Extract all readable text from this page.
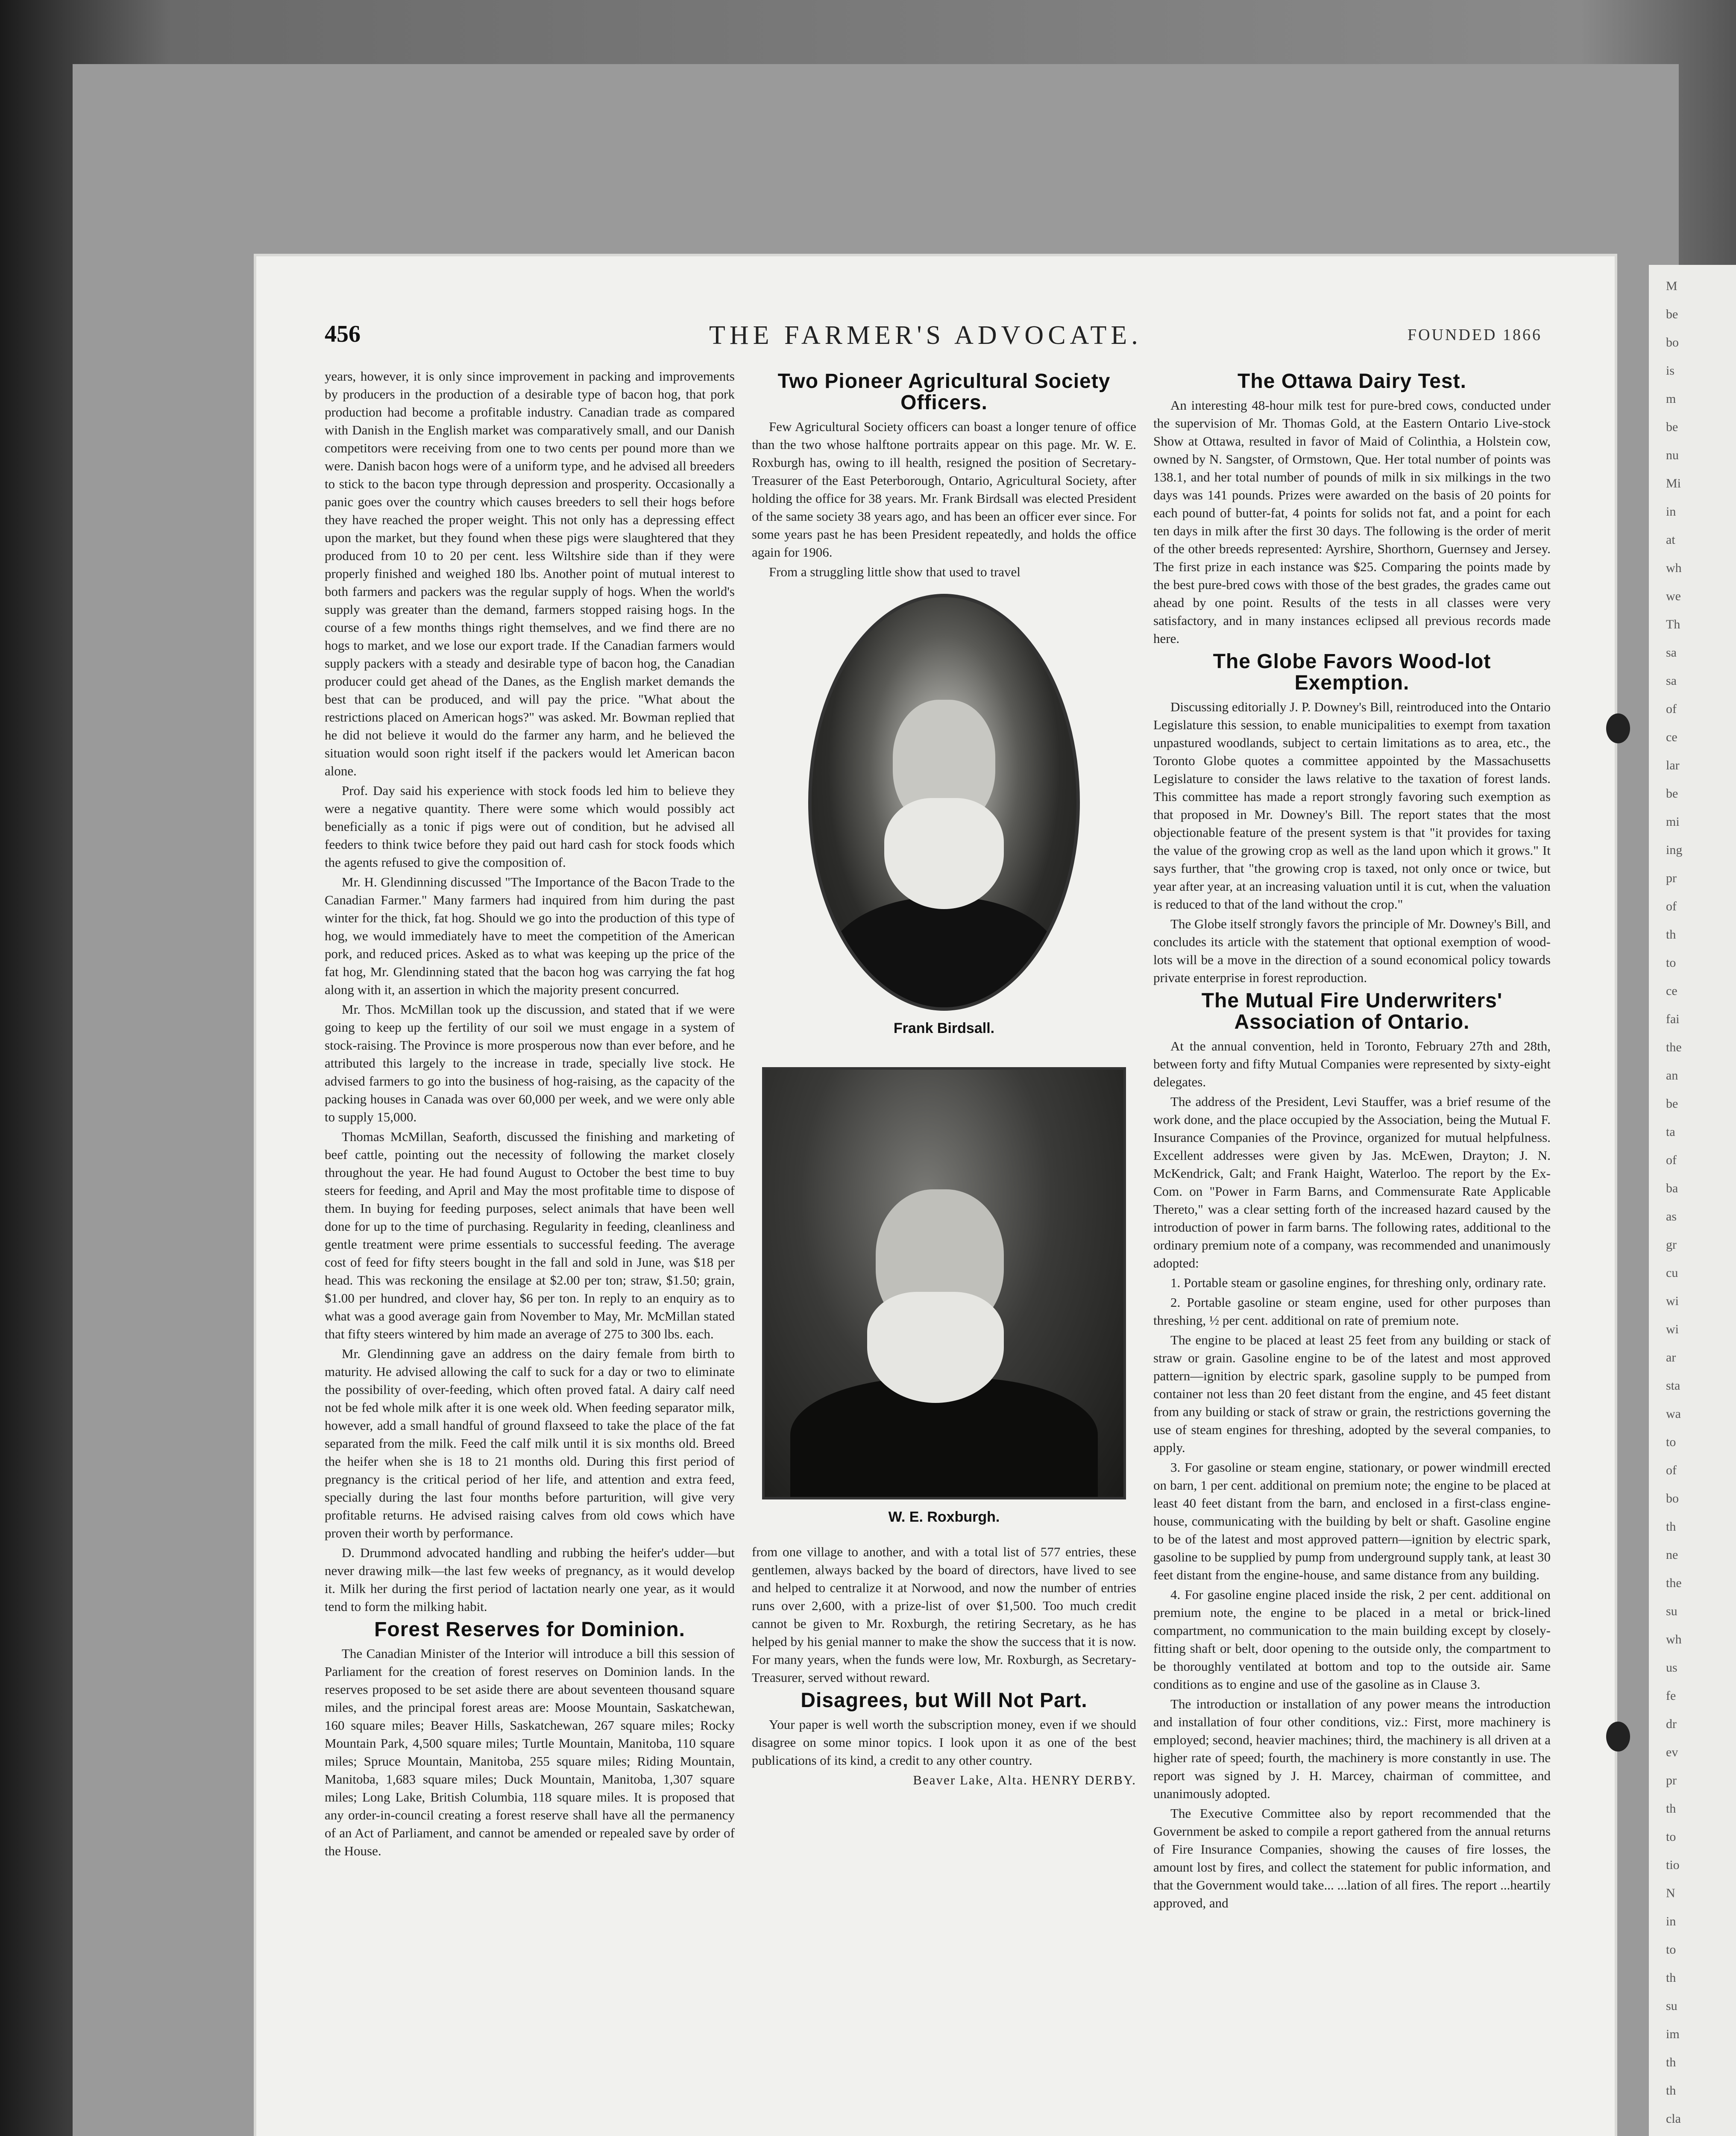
M

be

bo

is

m

be

nu

Mi

in

at

wh

we

Th

sa

sa

of

ce

lar

be

mi

ing

pr

of

th

to

ce

fai

the

an

be

ta

of

ba

as

gr

cu

wi

wi

ar

sta

wa

to

of

bo

th

ne

the

su

wh

us

fe

dr

ev

pr

th

to

tio

N

in

to

th

su

im

th

th

cla

456	THE FARMER'S ADVOCATE.	FOUNDED 1866

years, however, it is only since improvement in packing and improvements by producers in the production of a desirable type of bacon hog, that pork production had become a profitable industry. Canadian trade as compared with Danish in the English market was comparatively small, and our Danish competitors were receiving from one to two cents per pound more than we were. Danish bacon hogs were of a uniform type, and he advised all breeders to stick to the bacon type through depression and prosperity. Occasionally a panic goes over the country which causes breeders to sell their hogs before they have reached the proper weight. This not only has a depressing effect upon the market, but they found when these pigs were slaughtered that they produced from 10 to 20 per cent. less Wiltshire side than if they were properly finished and weighed 180 lbs. Another point of mutual interest to both farmers and packers was the regular supply of hogs. When the world's supply was greater than the demand, farmers stopped raising hogs. In the course of a few months things right themselves, and we find there are no hogs to market, and we lose our export trade. If the Canadian farmers would supply packers with a steady and desirable type of bacon hog, the Canadian producer could get ahead of the Danes, as the English market demands the best that can be produced, and will pay the price. "What about the restrictions placed on American hogs?" was asked. Mr. Bowman replied that he did not believe it would do the farmer any harm, and he believed the situation would soon right itself if the packers would let American bacon alone.

Prof. Day said his experience with stock foods led him to believe they were a negative quantity. There were some which would possibly act beneficially as a tonic if pigs were out of condition, but he advised all feeders to think twice before they paid out hard cash for stock foods which the agents refused to give the composition of.

Mr. H. Glendinning discussed "The Importance of the Bacon Trade to the Canadian Farmer." Many farmers had inquired from him during the past winter for the thick, fat hog. Should we go into the production of this type of hog, we would immediately have to meet the competition of the American pork, and reduced prices. Asked as to what was keeping up the price of the fat hog, Mr. Glendinning stated that the bacon hog was carrying the fat hog along with it, an assertion in which the majority present concurred.

Mr. Thos. McMillan took up the discussion, and stated that if we were going to keep up the fertility of our soil we must engage in a system of stock-raising. The Province is more prosperous now than ever before, and he attributed this largely to the increase in trade, specially live stock. He advised farmers to go into the business of hog-raising, as the capacity of the packing houses in Canada was over 60,000 per week, and we were only able to supply 15,000.

Thomas McMillan, Seaforth, discussed the finishing and marketing of beef cattle, pointing out the necessity of following the market closely throughout the year. He had found August to October the best time to buy steers for feeding, and April and May the most profitable time to dispose of them. In buying for feeding purposes, select animals that have been well done for up to the time of purchasing. Regularity in feeding, cleanliness and gentle treatment were prime essentials to successful feeding. The average cost of feed for fifty steers bought in the fall and sold in June, was $18 per head. This was reckoning the ensilage at $2.00 per ton; straw, $1.50; grain, $1.00 per hundred, and clover hay, $6 per ton. In reply to an enquiry as to what was a good average gain from November to May, Mr. McMillan stated that fifty steers wintered by him made an average of 275 to 300 lbs. each.

Mr. Glendinning gave an address on the dairy female from birth to maturity. He advised allowing the calf to suck for a day or two to eliminate the possibility of over-feeding, which often proved fatal. A dairy calf need not be fed whole milk after it is one week old. When feeding separator milk, however, add a small handful of ground flaxseed to take the place of the fat separated from the milk. Feed the calf milk until it is six months old. Breed the heifer when she is 18 to 21 months old. During this first period of pregnancy is the critical period of her life, and attention and extra feed, specially during the last four months before parturition, will give very profitable returns. He advised raising calves from old cows which have proven their worth by performance.

D. Drummond advocated handling and rubbing the heifer's udder—but never drawing milk—the last few weeks of pregnancy, as it would develop it. Milk her during the first period of lactation nearly one year, as it would tend to form the milking habit.

Forest Reserves for Dominion.

The Canadian Minister of the Interior will introduce a bill this session of Parliament for the creation of forest reserves on Dominion lands. In the reserves proposed to be set aside there are about seventeen thousand square miles, and the principal forest areas are: Moose Mountain, Saskatchewan, 160 square miles; Beaver Hills, Saskatchewan, 267 square miles; Rocky Mountain Park, 4,500 square miles; Turtle Mountain, Manitoba, 110 square miles; Spruce Mountain, Manitoba, 255 square miles; Riding Mountain, Manitoba, 1,683 square miles; Duck Mountain, Manitoba, 1,307 square miles; Long Lake, British Columbia, 118 square miles. It is proposed that any order-in-council creating a forest reserve shall have all the permanency of an Act of Parliament, and cannot be amended or repealed save by order of the House.

Two Pioneer Agricultural Society Officers.

Few Agricultural Society officers can boast a longer tenure of office than the two whose halftone portraits appear on this page. Mr. W. E. Roxburgh has, owing to ill health, resigned the position of Secretary-Treasurer of the East Peterborough, Ontario, Agricultural Society, after holding the office for 38 years. Mr. Frank Birdsall was elected President of the same society 38 years ago, and has been an officer ever since. For some years past he has been President repeatedly, and holds the office again for 1906.

From a struggling little show that used to travel

Frank Birdsall.
W. E. Roxburgh.

from one village to another, and with a total list of 577 entries, these gentlemen, always backed by the board of directors, have lived to see and helped to centralize it at Norwood, and now the number of entries runs over 2,600, with a prize-list of over $1,500. Too much credit cannot be given to Mr. Roxburgh, the retiring Secretary, as he has helped by his genial manner to make the show the success that it is now. For many years, when the funds were low, Mr. Roxburgh, as Secretary-Treasurer, served without reward.

Disagrees, but Will Not Part.

Your paper is well worth the subscription money, even if we should disagree on some minor topics. I look upon it as one of the best publications of its kind, a credit to any other country.

Beaver Lake, Alta. HENRY DERBY.

The Ottawa Dairy Test.

An interesting 48-hour milk test for pure-bred cows, conducted under the supervision of Mr. Thomas Gold, at the Eastern Ontario Live-stock Show at Ottawa, resulted in favor of Maid of Colinthia, a Holstein cow, owned by N. Sangster, of Ormstown, Que. Her total number of points was 138.1, and her total number of pounds of milk in six milkings in the two days was 141 pounds. Prizes were awarded on the basis of 20 points for each pound of butter-fat, 4 points for solids not fat, and a point for each ten days in milk after the first 30 days. The following is the order of merit of the other breeds represented: Ayrshire, Shorthorn, Guernsey and Jersey. The first prize in each instance was $25. Comparing the points made by the best pure-bred cows with those of the best grades, the grades came out ahead by one point. Results of the tests in all classes were very satisfactory, and in many instances eclipsed all previous records made here.

The Globe Favors Wood-lot Exemption.

Discussing editorially J. P. Downey's Bill, reintroduced into the Ontario Legislature this session, to enable municipalities to exempt from taxation unpastured woodlands, subject to certain limitations as to area, etc., the Toronto Globe quotes a committee appointed by the Massachusetts Legislature to consider the laws relative to the taxation of forest lands. This committee has made a report strongly favoring such exemption as that proposed in Mr. Downey's Bill. The report states that the most objectionable feature of the present system is that "it provides for taxing the value of the growing crop as well as the land upon which it grows." It says further, that "the growing crop is taxed, not only once or twice, but year after year, at an increasing valuation until it is cut, when the valuation is reduced to that of the land without the crop."

The Globe itself strongly favors the principle of Mr. Downey's Bill, and concludes its article with the statement that optional exemption of wood-lots will be a move in the direction of a sound economical policy towards private enterprise in forest reproduction.

The Mutual Fire Underwriters' Association of Ontario.

At the annual convention, held in Toronto, February 27th and 28th, between forty and fifty Mutual Companies were represented by sixty-eight delegates.

The address of the President, Levi Stauffer, was a brief resume of the work done, and the place occupied by the Association, being the Mutual F. Insurance Companies of the Province, organized for mutual helpfulness. Excellent addresses were given by Jas. McEwen, Drayton; J. N. McKendrick, Galt; and Frank Haight, Waterloo. The report by the Ex-Com. on "Power in Farm Barns, and Commensurate Rate Applicable Thereto," was a clear setting forth of the increased hazard caused by the introduction of power in farm barns. The following rates, additional to the ordinary premium note of a company, was recommended and unanimously adopted:

1. Portable steam or gasoline engines, for threshing only, ordinary rate.

2. Portable gasoline or steam engine, used for other purposes than threshing, ½ per cent. additional on rate of premium note.

The engine to be placed at least 25 feet from any building or stack of straw or grain. Gasoline engine to be of the latest and most approved pattern—ignition by electric spark, gasoline supply to be pumped from container not less than 20 feet distant from the engine, and 45 feet distant from any building or stack of straw or grain, the restrictions governing the use of steam engines for threshing, adopted by the several companies, to apply.

3. For gasoline or steam engine, stationary, or power windmill erected on barn, 1 per cent. additional on premium note; the engine to be placed at least 40 feet distant from the barn, and enclosed in a first-class engine-house, communicating with the building by belt or shaft. Gasoline engine to be of the latest and most approved pattern—ignition by electric spark, gasoline to be supplied by pump from underground supply tank, at least 30 feet distant from the engine-house, and same distance from any building.

4. For gasoline engine placed inside the risk, 2 per cent. additional on premium note, the engine to be placed in a metal or brick-lined compartment, no communication to the main building except by closely-fitting shaft or belt, door opening to the outside only, the compartment to be thoroughly ventilated at bottom and top to the outside air. Same conditions as to engine and use of the gasoline as in Clause 3.

The introduction or installation of any power means the introduction and installation of four other conditions, viz.: First, more machinery is employed; second, heavier machines; third, the machinery is all driven at a higher rate of speed; fourth, the machinery is more constantly in use. The report was signed by J. H. Marcey, chairman of committee, and unanimously adopted.

The Executive Committee also by report recommended that the Government be asked to compile a report gathered from the annual returns of Fire Insurance Companies, showing the causes of fire losses, the amount lost by fires, and collect the statement for public information, and that the Government would take... ...lation of all fires. The report ...heartily approved, and
